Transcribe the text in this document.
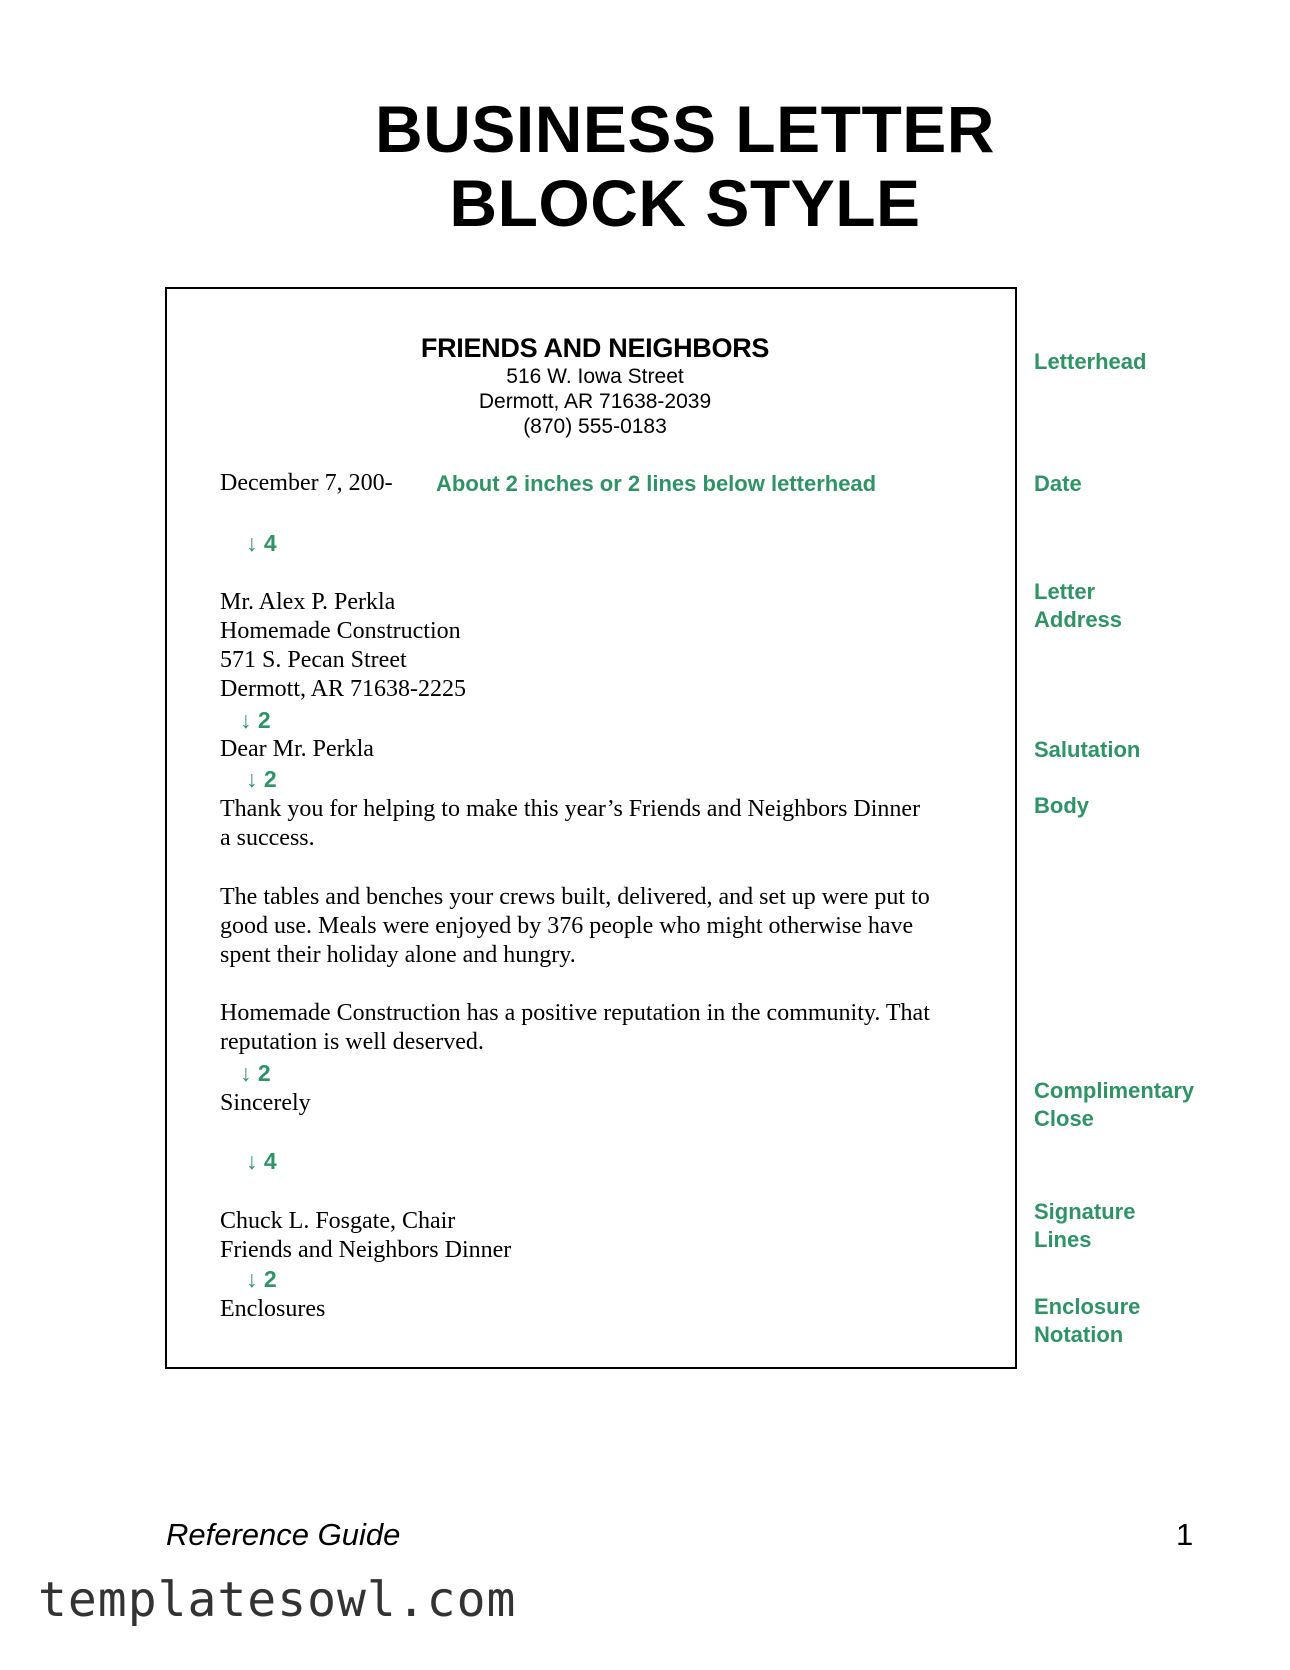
BUSINESS LETTER
BLOCK STYLE
FRIENDS AND NEIGHBORS
516 W. Iowa Street
Dermott, AR 71638-2039
(870) 555-0183
December 7, 200- About 2 inches or 2 lines below letterhead
↓ 4
Mr. Alex P. Perkla
Homemade Construction
571 S. Pecan Street
Dermott, AR 71638-2225
↓ 2
Dear Mr. Perkla
↓ 2
Thank you for helping to make this year’s Friends and Neighbors Dinner
a success.
The tables and benches your crews built, delivered, and set up were put to
good use. Meals were enjoyed by 376 people who might otherwise have
spent their holiday alone and hungry.
Homemade Construction has a positive reputation in the community. That
reputation is well deserved.
↓ 2
Sincerely
↓ 4
Chuck L. Fosgate, Chair
Friends and Neighbors Dinner
↓ 2
Enclosures
Letterhead
Date
Letter
Address
Salutation
Body
Complimentary
Close
Signature
Lines
Enclosure
Notation
Reference Guide	1
templatesowl.com
